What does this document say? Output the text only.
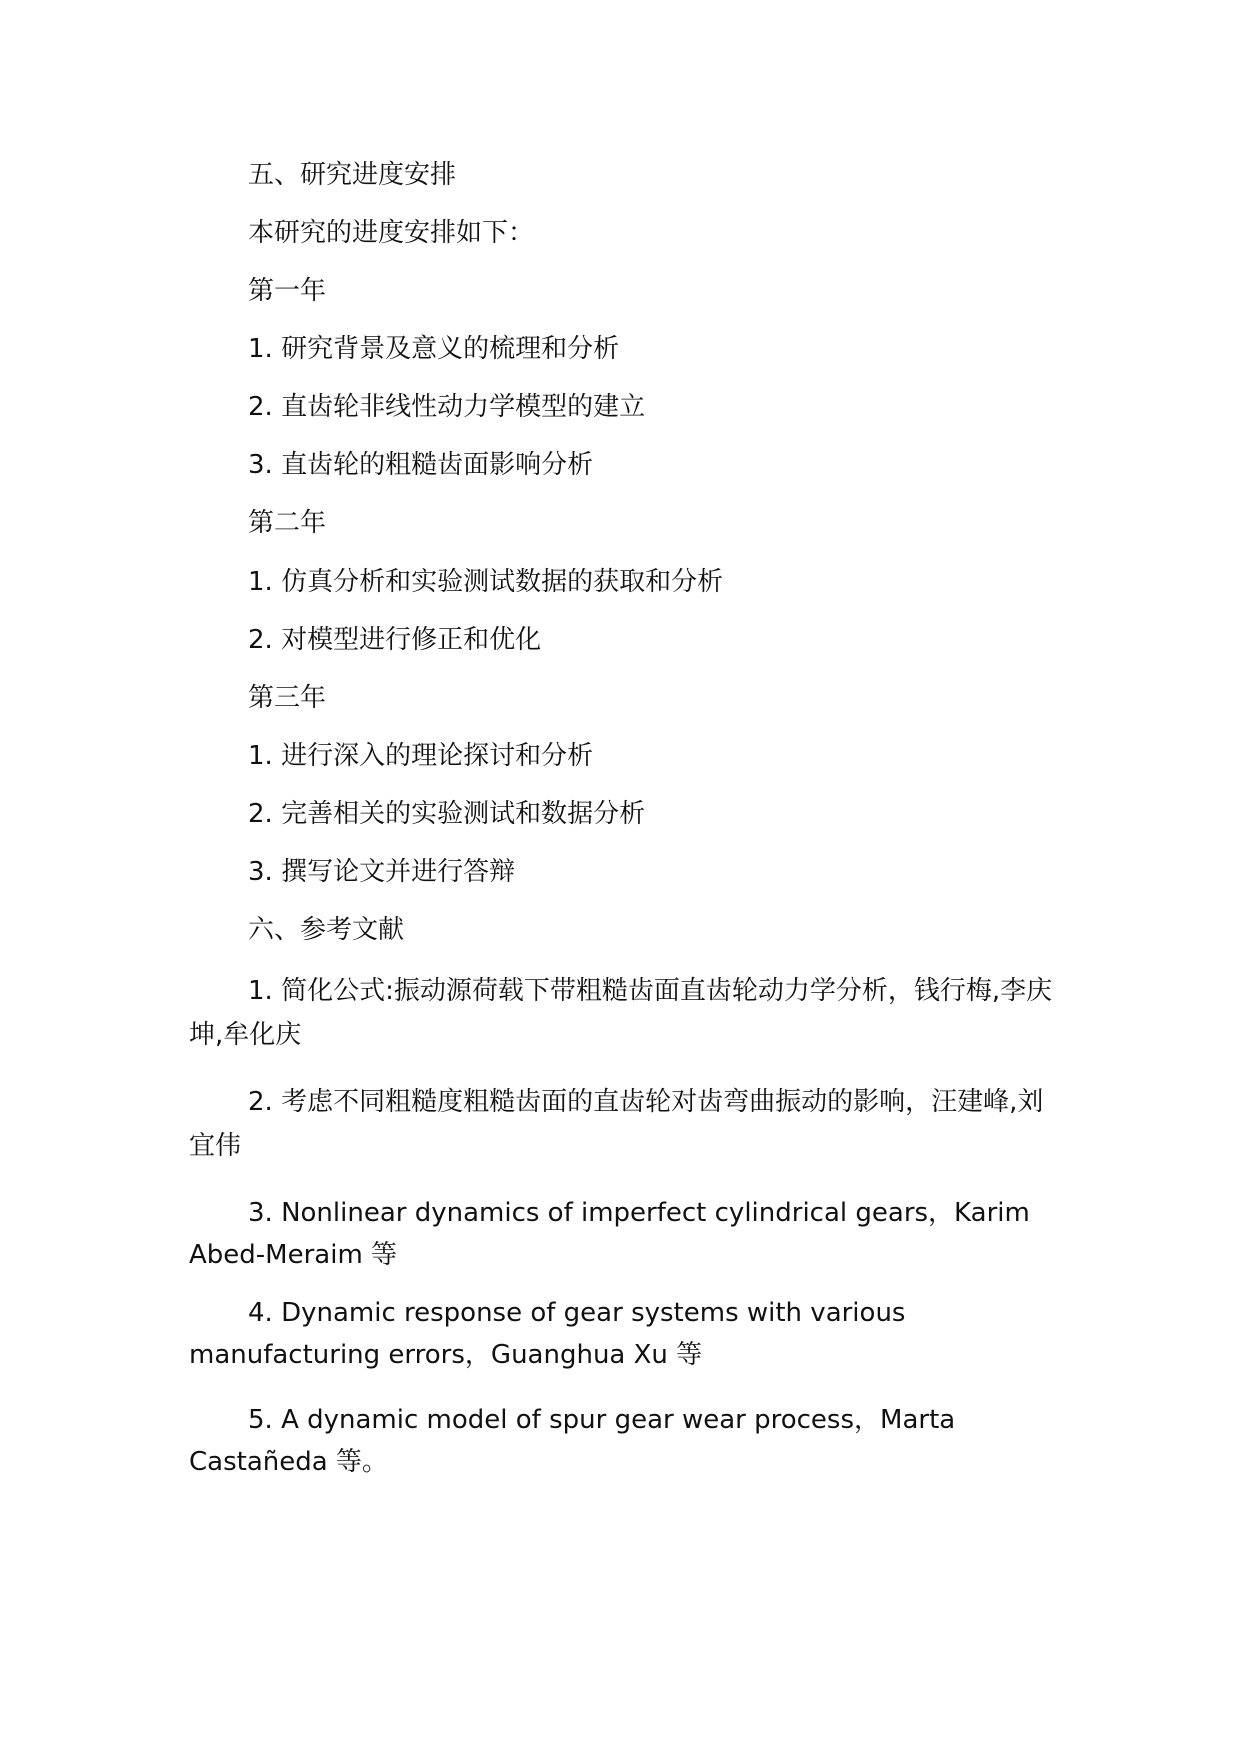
五、研究进度安排

本研究的进度安排如下：

第一年

1. 研究背景及意义的梳理和分析

2. 直齿轮非线性动力学模型的建立

3. 直齿轮的粗糙齿面影响分析

第二年

1. 仿真分析和实验测试数据的获取和分析

2. 对模型进行修正和优化

第三年

1. 进行深入的理论探讨和分析

2. 完善相关的实验测试和数据分析

3. 撰写论文并进行答辩

六、参考文献

1. 简化公式:振动源荷载下带粗糙齿面直齿轮动力学分析，钱行梅,李庆坤,牟化庆

2. 考虑不同粗糙度粗糙齿面的直齿轮对齿弯曲振动的影响，汪建峰,刘宜伟

3. Nonlinear dynamics of imperfect cylindrical gears，Karim Abed-Meraim 等

4. Dynamic response of gear systems with various manufacturing errors，Guanghua Xu 等

5. A dynamic model of spur gear wear process，Marta Castañeda 等。
